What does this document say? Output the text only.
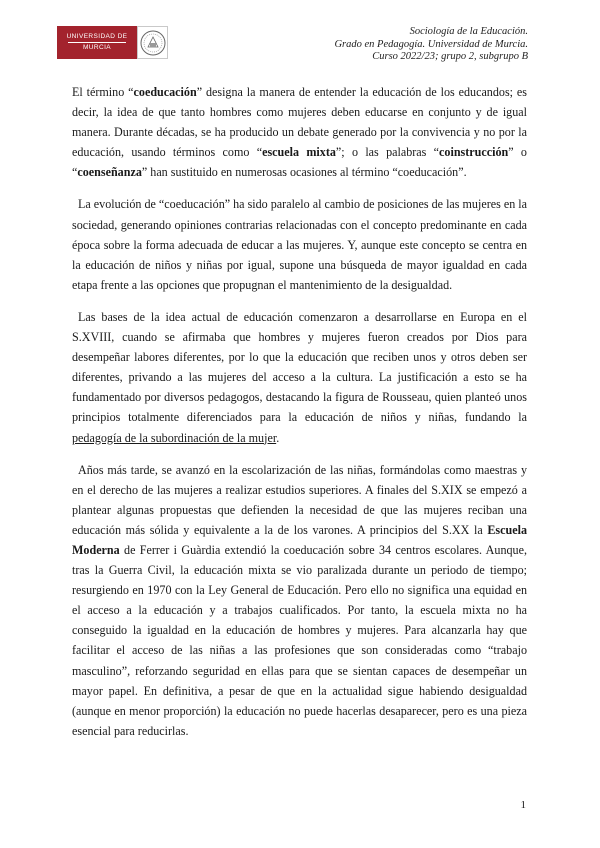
UNIVERSIDAD DE
MURCIA
Sociología de la Educación.
Grado en Pedagogía. Universidad de Murcia.
Curso 2022/23; grupo 2, subgrupo B

El término “coeducación” designa la manera de entender la educación de los educandos; es decir, la idea de que tanto hombres como mujeres deben educarse en conjunto y de igual manera. Durante décadas, se ha producido un debate generado por la convivencia y no por la educación, usando términos como “escuela mixta”; o las palabras “coinstrucción” o “coenseñanza” han sustituido en numerosas ocasiones al término “coeducación”.

La evolución de “coeducación” ha sido paralelo al cambio de posiciones de las mujeres en la sociedad, generando opiniones contrarias relacionadas con el concepto predominante en cada época sobre la forma adecuada de educar a las mujeres. Y, aunque este concepto se centra en la educación de niños y niñas por igual, supone una búsqueda de mayor igualdad en cada etapa frente a las opciones que propugnan el mantenimiento de la desigualdad.

Las bases de la idea actual de educación comenzaron a desarrollarse en Europa en el S.XVIII, cuando se afirmaba que hombres y mujeres fueron creados por Dios para desempeñar labores diferentes, por lo que la educación que reciben unos y otros deben ser diferentes, privando a las mujeres del acceso a la cultura. La justificación a esto se ha fundamentado por diversos pedagogos, destacando la figura de Rousseau, quien planteó unos principios totalmente diferenciados para la educación de niños y niñas, fundando la pedagogía de la subordinación de la mujer.

Años más tarde, se avanzó en la escolarización de las niñas, formándolas como maestras y en el derecho de las mujeres a realizar estudios superiores. A finales del S.XIX se empezó a plantear algunas propuestas que defienden la necesidad de que las mujeres reciban una educación más sólida y equivalente a la de los varones. A principios del S.XX la Escuela Moderna de Ferrer i Guàrdia extendió la coeducación sobre 34 centros escolares. Aunque, tras la Guerra Civil, la educación mixta se vio paralizada durante un periodo de tiempo; resurgiendo en 1970 con la Ley General de Educación. Pero ello no significa una equidad en el acceso a la educación y a trabajos cualificados. Por tanto, la escuela mixta no ha conseguido la igualdad en la educación de hombres y mujeres. Para alcanzarla hay que facilitar el acceso de las niñas a las profesiones que son consideradas como “trabajo masculino”, reforzando seguridad en ellas para que se sientan capaces de desempeñar un mayor papel. En definitiva, a pesar de que en la actualidad sigue habiendo desigualdad (aunque en menor proporción) la educación no puede hacerlas desaparecer, pero es una pieza esencial para reducirlas.

1
